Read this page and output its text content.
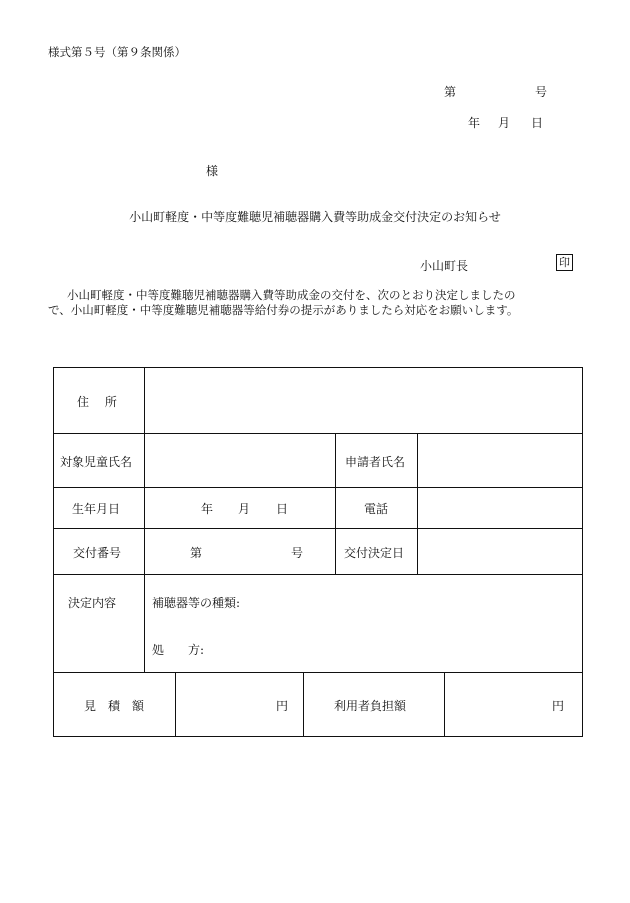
様式第５号（第９条関係）
第	号
年 月 日
様
小山町軽度・中等度難聴児補聴器購入費等助成金交付決定のお知らせ
小山町長	印
小山町軽度・中等度難聴児補聴器購入費等助成金の交付を、次のとおり決定しましたの
で、小山町軽度・中等度難聴児補聴器等給付券の提示がありましたら対応をお願いします。
住　 所
対象児童氏名	申請者氏名
生年月日	年 月 日	電話
交付番号	第	号	交付決定日
決定内容	補聴器等の種類:
処　　方:
見　積　額	円	利用者負担額	円
